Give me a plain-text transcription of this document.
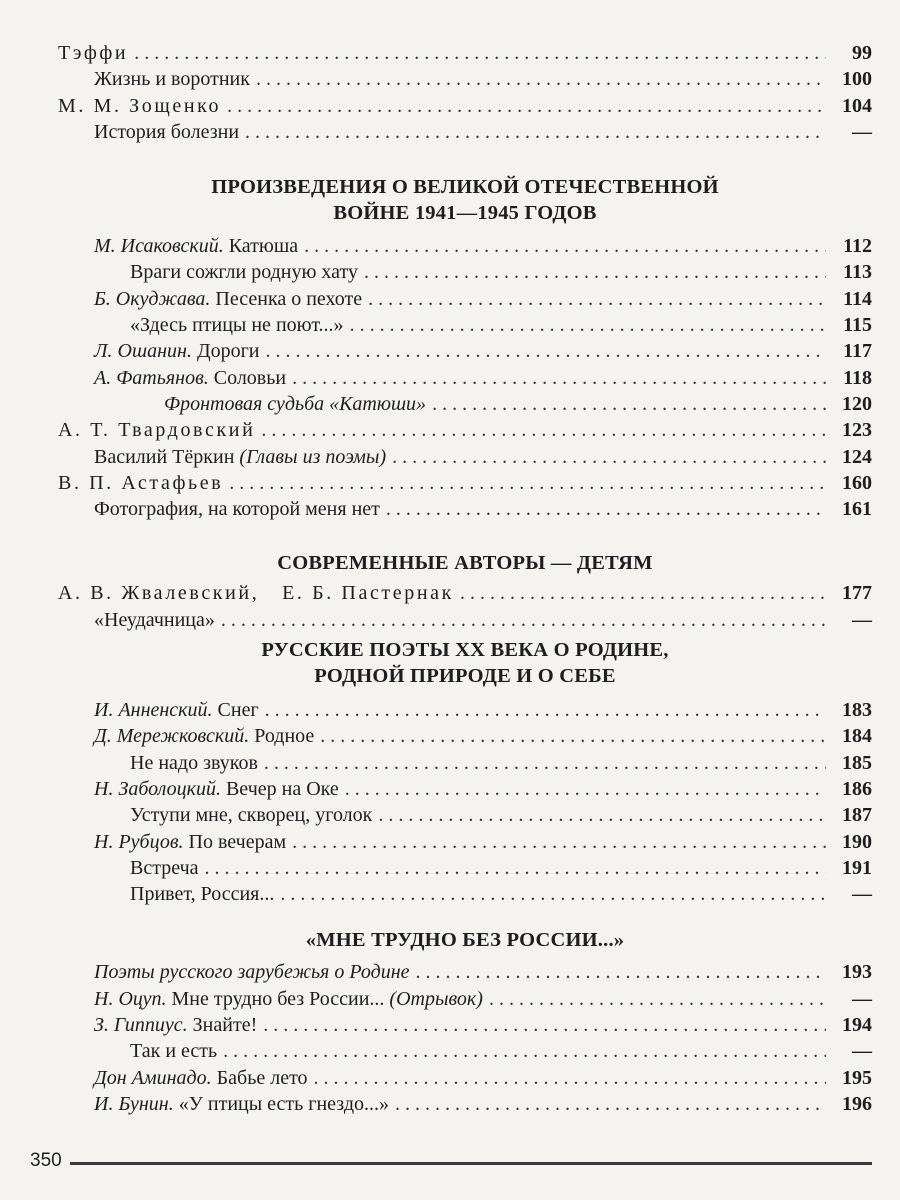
Тэффи . . .	99
Жизнь и воротник . . .	100
М. М. Зощенко . . .	104
История болезни . . .	—
ПРОИЗВЕДЕНИЯ О ВЕЛИКОЙ ОТЕЧЕСТВЕННОЙ
ВОЙНЕ 1941—1945 ГОДОВ
М. Исаковский. Катюша . . .	112
Враги сожгли родную хату . . .	113
Б. Окуджава. Песенка о пехоте . . .	114
«Здесь птицы не поют...» . . .	115
Л. Ошанин. Дороги . . .	117
А. Фатьянов. Соловьи . . .	118
Фронтовая судьба «Катюши» . . .	120
А. Т. Твардовский . . .	123
Василий Тёркин (Главы из поэмы) . . .	124
В. П. Астафьев . . .	160
Фотография, на которой меня нет . . .	161
СОВРЕМЕННЫЕ АВТОРЫ — ДЕТЯМ
А. В. Жвалевский,   Е. Б. Пастернак . . .	177
«Неудачница» . . .	—
РУССКИЕ ПОЭТЫ XX ВЕКА О РОДИНЕ,
РОДНОЙ ПРИРОДЕ И О СЕБЕ
И. Анненский. Снег . . .	183
Д. Мережковский. Родное . . .	184
Не надо звуков . . .	185
Н. Заболоцкий. Вечер на Оке . . .	186
Уступи мне, скворец, уголок . . .	187
Н. Рубцов. По вечерам . . .	190
Встреча . . .	191
Привет, Россия... . . .	—
«МНЕ ТРУДНО БЕЗ РОССИИ...»
Поэты русского зарубежья о Родине . . .	193
Н. Оцуп. Мне трудно без России... (Отрывок) . . .	—
З. Гиппиус. Знайте! . . .	194
Так и есть . . .	—
Дон Аминадо. Бабье лето . . .	195
И. Бунин. «У птицы есть гнездо...» . . .	196
350
